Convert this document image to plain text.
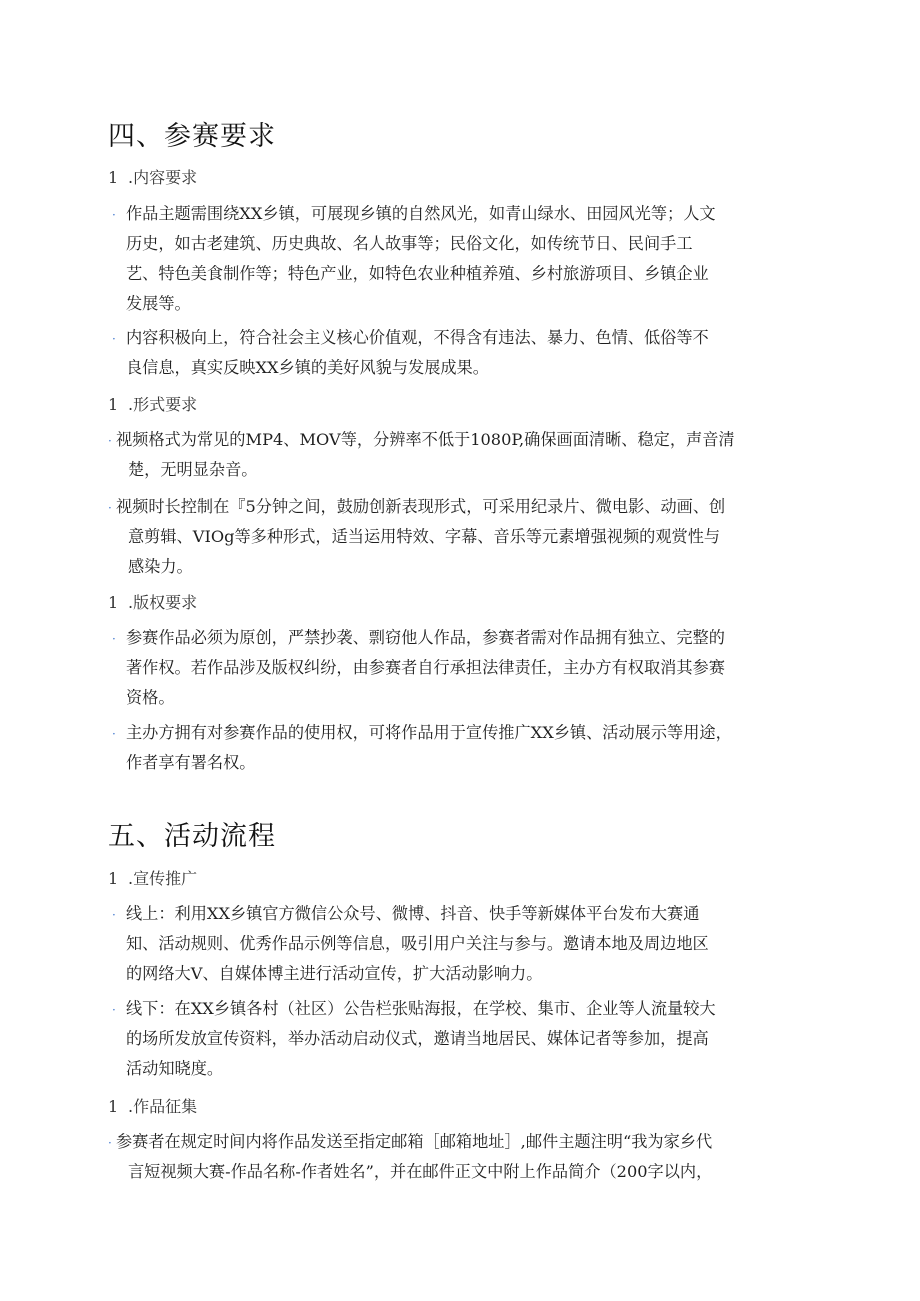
四、参赛要求
1 .内容要求
· 作品主题需围绕XX乡镇，可展现乡镇的自然风光，如青山绿水、田园风光等；人文
历史，如古老建筑、历史典故、名人故事等；民俗文化，如传统节日、民间手工
艺、特色美食制作等；特色产业，如特色农业种植养殖、乡村旅游项目、乡镇企业
发展等。
· 内容积极向上，符合社会主义核心价值观，不得含有违法、暴力、色情、低俗等不
良信息，真实反映XX乡镇的美好风貌与发展成果。
1 .形式要求
· 视频格式为常见的MP4、MOV等，分辨率不低于1080P,确保画面清晰、稳定，声音清
楚，无明显杂音。
· 视频时长控制在『5分钟之间，鼓励创新表现形式，可采用纪录片、微电影、动画、创
意剪辑、VIOg等多种形式，适当运用特效、字幕、音乐等元素增强视频的观赏性与
感染力。
1 .版权要求
· 参赛作品必须为原创，严禁抄袭、剽窃他人作品，参赛者需对作品拥有独立、完整的
著作权。若作品涉及版权纠纷，由参赛者自行承担法律责任，主办方有权取消其参赛
资格。
· 主办方拥有对参赛作品的使用权，可将作品用于宣传推广XX乡镇、活动展示等用途，
作者享有署名权。
五、活动流程
1 .宣传推广
· 线上：利用XX乡镇官方微信公众号、微博、抖音、快手等新媒体平台发布大赛通
知、活动规则、优秀作品示例等信息，吸引用户关注与参与。邀请本地及周边地区
的网络大V、自媒体博主进行活动宣传，扩大活动影响力。
· 线下：在XX乡镇各村（社区）公告栏张贴海报，在学校、集市、企业等人流量较大
的场所发放宣传资料，举办活动启动仪式，邀请当地居民、媒体记者等参加，提高
活动知晓度。
1 .作品征集
· 参赛者在规定时间内将作品发送至指定邮箱［邮箱地址］,邮件主题注明“我为家乡代
言短视频大赛-作品名称-作者姓名”，并在邮件正文中附上作品简介（200字以内，
